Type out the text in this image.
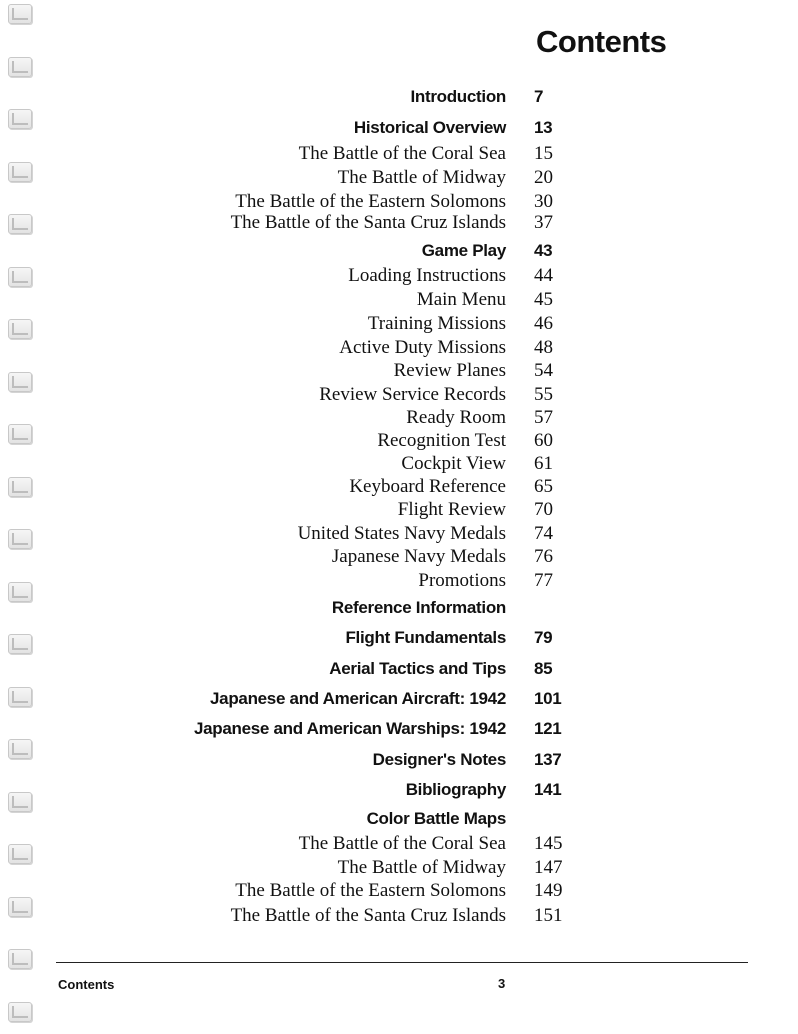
Contents
Introduction 7
Historical Overview 13
The Battle of the Coral Sea 15
The Battle of Midway 20
The Battle of the Eastern Solomons 30
The Battle of the Santa Cruz Islands 37
Game Play 43
Loading Instructions 44
Main Menu 45
Training Missions 46
Active Duty Missions 48
Review Planes 54
Review Service Records 55
Ready Room 57
Recognition Test 60
Cockpit View 61
Keyboard Reference 65
Flight Review 70
United States Navy Medals 74
Japanese Navy Medals 76
Promotions 77
Reference Information
Flight Fundamentals 79
Aerial Tactics and Tips 85
Japanese and American Aircraft: 1942 101
Japanese and American Warships: 1942 121
Designer's Notes 137
Bibliography 141
Color Battle Maps
The Battle of the Coral Sea 145
The Battle of Midway 147
The Battle of the Eastern Solomons 149
The Battle of the Santa Cruz Islands 151
Contents	3
